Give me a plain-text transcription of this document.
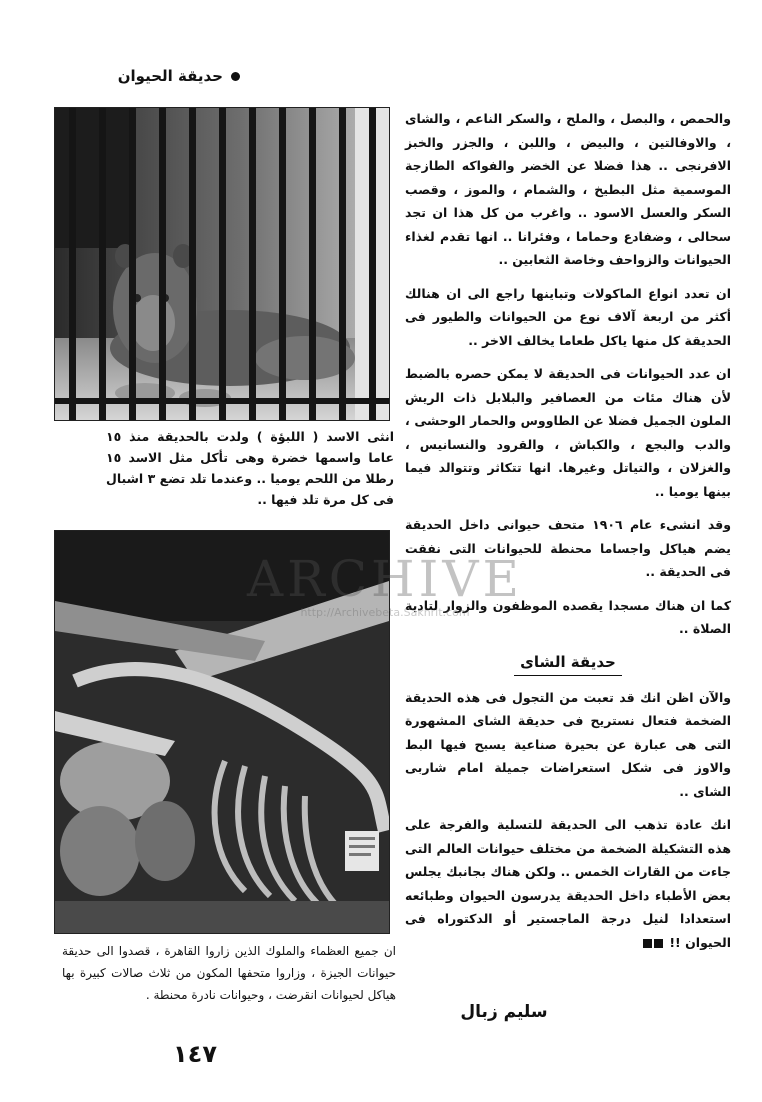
حديقة الحيوان
انثى الاسد ( اللبؤة ) ولدت بالحديقة منذ ١٥ عاما واسمها خضرة وهى تأكل مثل الاسد ١٥ رطلا من اللحم يوميا .. وعندما تلد تضع ٣ اشبال فى كل مرة تلد فيها ..
ان جميع العظماء والملوك الذين زاروا القاهرة ، قصدوا الى حديقة حيوانات الجيزة ، وزاروا متحفها المكون من ثلاث صالات كبيرة بها هياكل لحيوانات انقرضت ، وحيوانات نادرة محنطة .

والحمص ، والبصل ، والملح ، والسكر الناعم ، والشاى ، والاوفالتين ، والبيض ، واللبن ، والجزر والخبز الافرنجى .. هذا فضلا عن الخضر والفواكه الطازجة الموسمية مثل البطيخ ، والشمام ، والموز ، وقصب السكر والعسل الاسود .. واغرب من كل هذا ان تجد سحالى ، وضفادع وحماما ، وفئرانا .. انها تقدم لغذاء الحيوانات والزواحف وخاصة الثعابين ..

ان تعدد انواع الماكولات وتباينها راجع الى ان هنالك أكثر من اربعة آلاف نوع من الحيوانات والطيور فى الحديقة كل منها ياكل طعاما يخالف الاخر ..

ان عدد الحيوانات فى الحديقة لا يمكن حصره بالضبط لأن هناك مئات من العصافير والبلابل ذات الريش الملون الجميل فضلا عن الطاووس والحمار الوحشى ، والدب والبجع ، والكباش ، والقرود والنسانيس ، والغزلان ، والتياتل وغيرها. انها تتكاثر وتتوالد فيما بينها يوميا ..

وقد انشىء عام ١٩٠٦ متحف حيوانى داخل الحديقة يضم هياكل واجساما محنطة للحيوانات التى نفقت فى الحديقة ..

كما ان هناك مسجدا يقصده الموظفون والزوار لتادية الصلاة ..

حديقة الشاى

والآن اظن انك قد تعبت من التجول فى هذه الحديقة الضخمة فتعال نستريح فى حديقة الشاى المشهورة التى هى عبارة عن بحيرة صناعية يسبح فيها البط والاوز فى شكل استعراضات جميلة امام شاربى الشاى ..

انك عادة تذهب الى الحديقة للتسلية والفرجة على هذه التشكيلة الضخمة من مختلف حيوانات العالم التى جاءت من القارات الخمس .. ولكن هناك بجانبك يجلس بعض الأطباء داخل الحديقة يدرسون الحيوان وطبائعه استعدادا لنيل درجة الماجستير أو الدكتوراه فى الحيوان !!

سليم زبال
١٤٧
ARCHIVE
http://Archivebeta.Sakhrit.com
